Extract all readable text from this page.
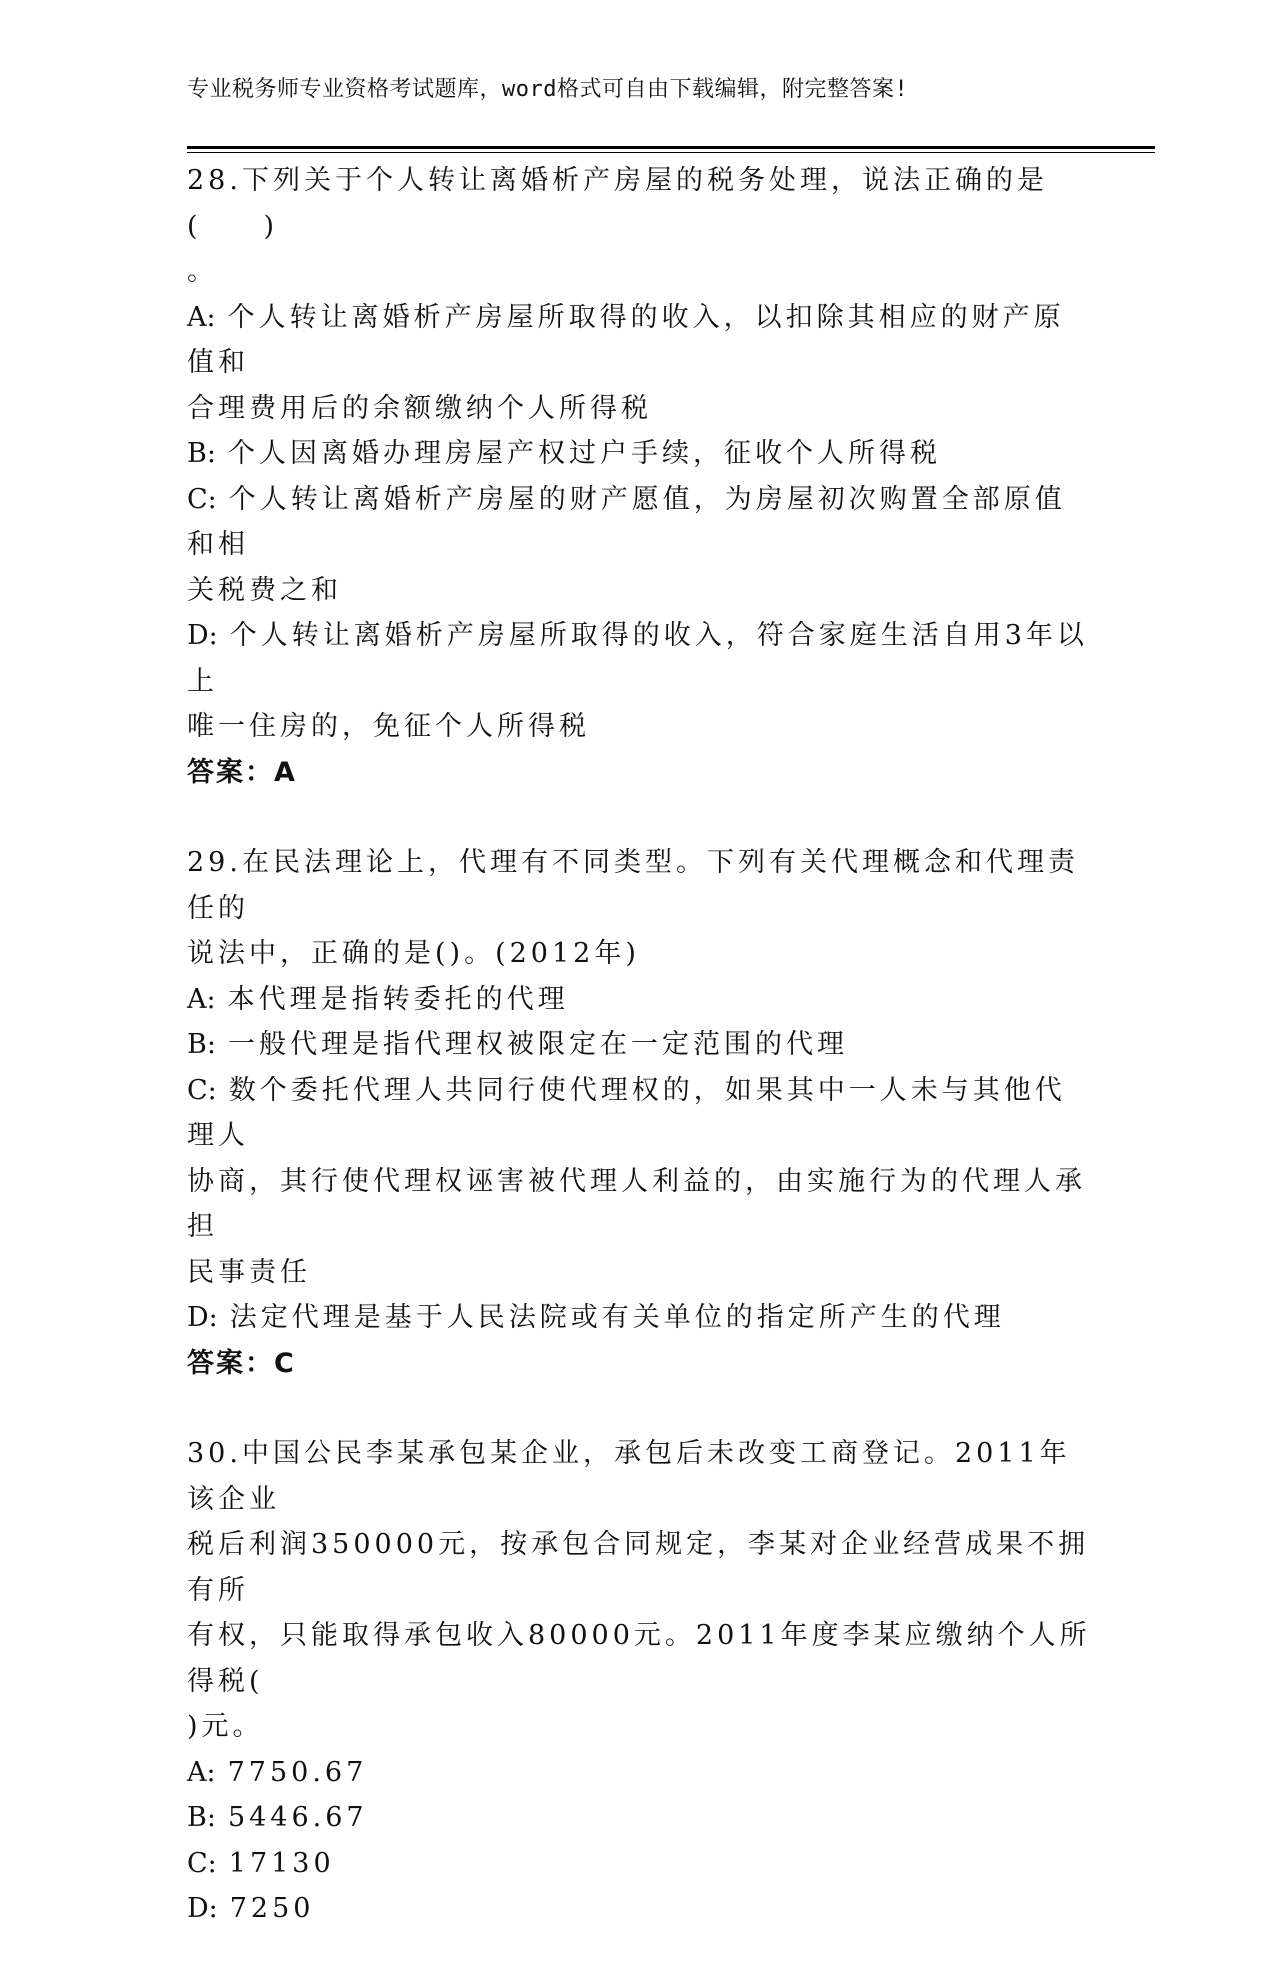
专业税务师专业资格考试题库，word格式可自由下载编辑，附完整答案!
28.下列关于个人转让离婚析产房屋的税务处理，说法正确的是(　　)
。
A: 个人转让离婚析产房屋所取得的收入，以扣除其相应的财产原值和
合理费用后的余额缴纳个人所得税
B: 个人因离婚办理房屋产权过户手续，征收个人所得税
C: 个人转让离婚析产房屋的财产愿值，为房屋初次购置全部原值和相
关税费之和
D: 个人转让离婚析产房屋所取得的收入，符合家庭生活自用3年以上
唯一住房的，免征个人所得税
答案：A
29.在民法理论上，代理有不同类型。下列有关代理概念和代理责任的
说法中，正确的是()。(2012年)
A: 本代理是指转委托的代理
B: 一般代理是指代理权被限定在一定范围的代理
C: 数个委托代理人共同行使代理权的，如果其中一人未与其他代理人
协商，其行使代理权诬害被代理人利益的，由实施行为的代理人承担
民事责任
D: 法定代理是基于人民法院或有关单位的指定所产生的代理
答案：C
30.中国公民李某承包某企业，承包后未改变工商登记。2011年该企业
税后利润350000元，按承包合同规定，李某对企业经营成果不拥有所
有权，只能取得承包收入80000元。2011年度李某应缴纳个人所得税(
)元。
A: 7750.67
B: 5446.67
C: 17130
D: 7250
